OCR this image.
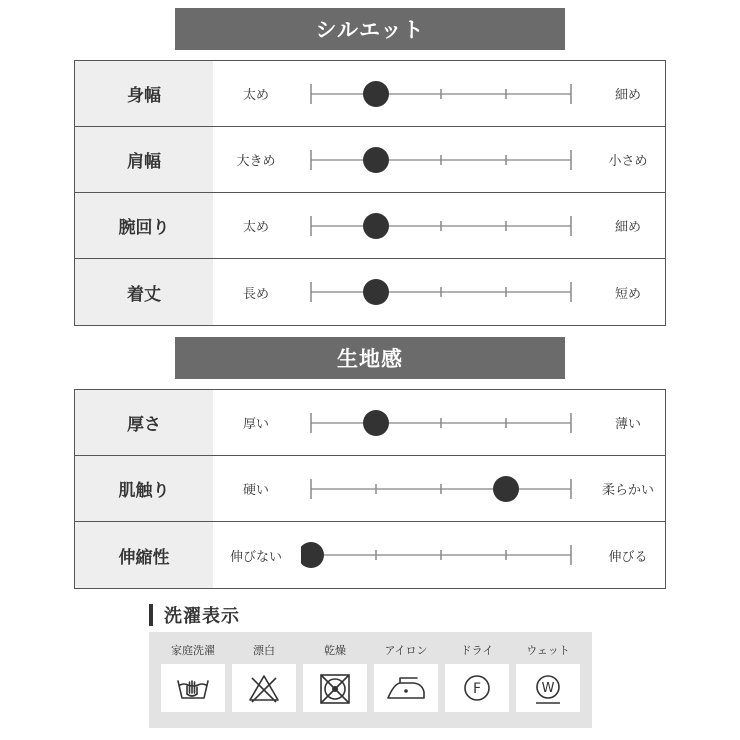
シルエット
身幅	太め	細め
肩幅	大きめ	小さめ
腕回り	太め	細め
着丈	長め	短め
生地感
厚さ	厚い	薄い
肌触り	硬い	柔らかい
伸縮性	伸びない	伸びる
洗濯表示
家庭洗濯	漂白	乾燥	アイロン	ドライ
F
ウェット
W
